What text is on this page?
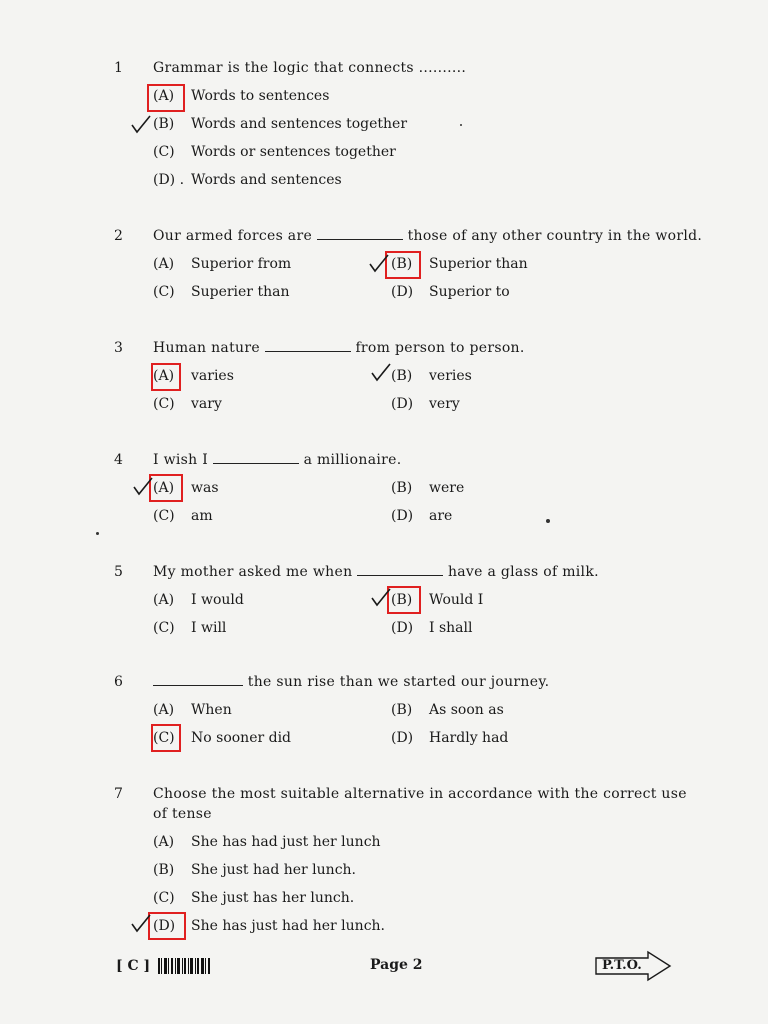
1 Grammar is the logic that connects ..........
(A) Words to sentences
(B) Words and sentences together
(C) Words or sentences together
(D) . Words and sentences
2 Our armed forces are	those of any other country in the world.
(A) Superior from	(B) Superior than
(C) Superier than	(D) Superior to
3 Human nature	from person to person.
(A) varies	(B) veries
(C) vary	(D) very
4 I wish I	a millionaire.
(A) was	(B) were
(C) am	(D) are
5 My mother asked me when	have a glass of milk.
(A) I would	(B) Would I
(C) I will	(D) I shall
6	the sun rise than we started our journey.
(A) When	(B) As soon as
(C) No sooner did	(D) Hardly had
7 Choose the most suitable alternative in accordance with the correct use
of tense
(A) She has had just her lunch
(B) She just had her lunch.
(C) She just has her lunch.
(D) She has just had her lunch.
[ C ]	Page 2	P.T.O.
